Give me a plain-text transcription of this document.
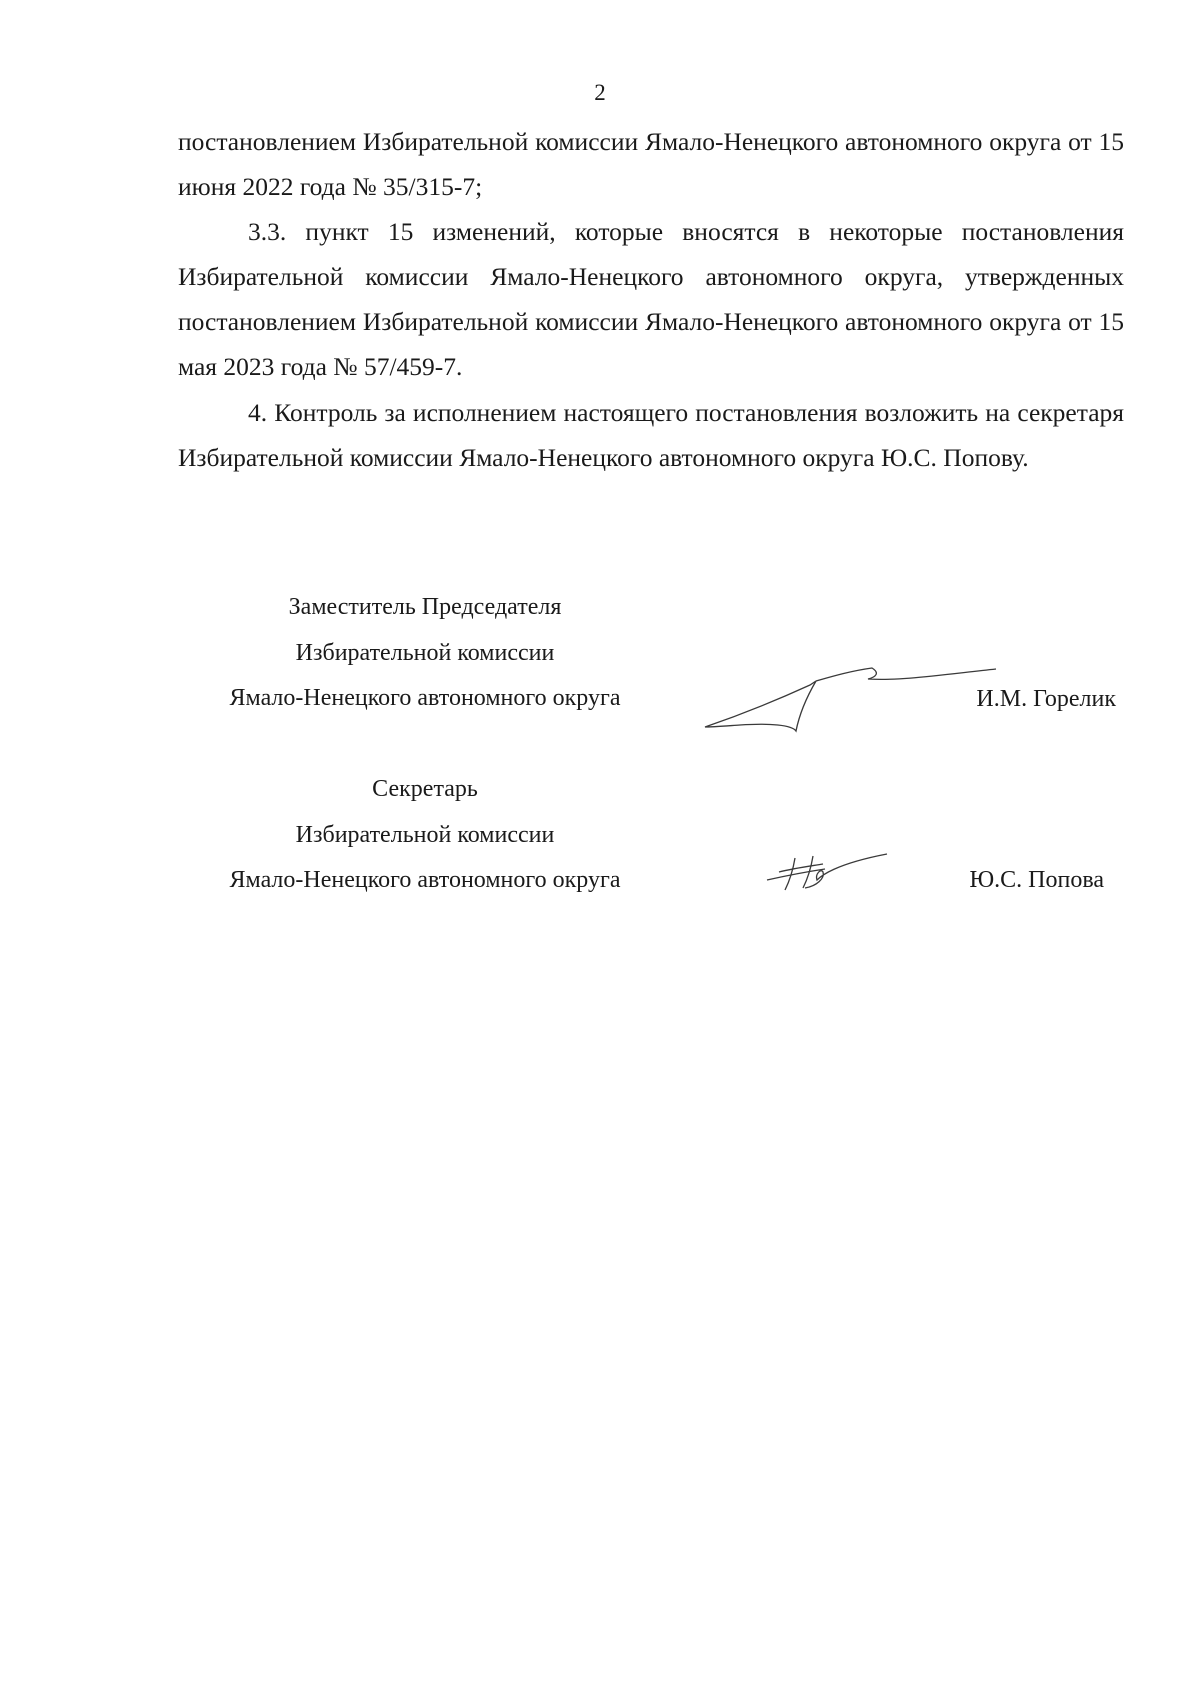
2

постановлением Избирательной комиссии Ямало-Ненецкого автономного округа от 15 июня 2022 года № 35/315-7;

3.3. пункт 15 изменений, которые вносятся в некоторые постановления Избирательной комиссии Ямало-Ненецкого автономного округа, утвержденных постановлением Избирательной комиссии Ямало-Ненецкого автономного округа от 15 мая 2023 года № 57/459-7.

4. Контроль за исполнением настоящего постановления возложить на секретаря Избирательной комиссии Ямало-Ненецкого автономного округа Ю.С. Попову.

Заместитель Председателя
Избирательной комиссии
Ямало-Ненецкого автономного округа	И.М. Горелик
Секретарь
Избирательной комиссии
Ямало-Ненецкого автономного округа	Ю.С. Попова
